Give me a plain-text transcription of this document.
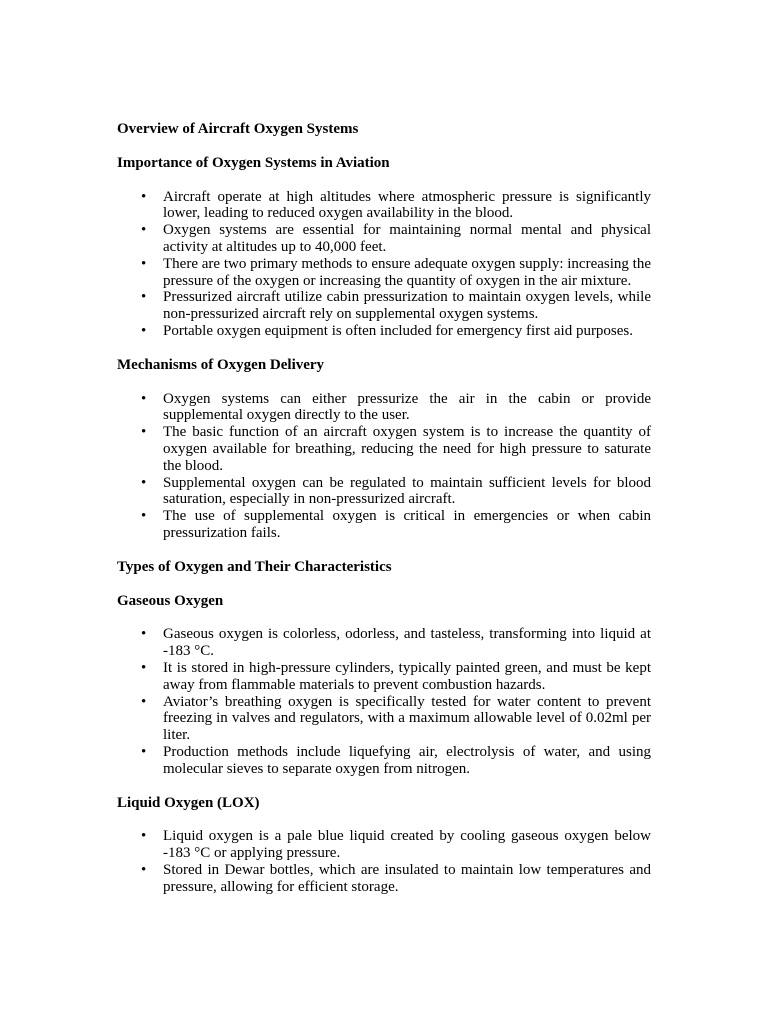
Overview of Aircraft Oxygen Systems
Importance of Oxygen Systems in Aviation
• Aircraft operate at high altitudes where atmospheric pressure is significantly lower, leading to reduced oxygen availability in the blood.
• Oxygen systems are essential for maintaining normal mental and physical activity at altitudes up to 40,000 feet.
• There are two primary methods to ensure adequate oxygen supply: increasing the pressure of the oxygen or increasing the quantity of oxygen in the air mixture.
• Pressurized aircraft utilize cabin pressurization to maintain oxygen levels, while non-pressurized aircraft rely on supplemental oxygen systems.
• Portable oxygen equipment is often included for emergency first aid purposes.
Mechanisms of Oxygen Delivery
• Oxygen systems can either pressurize the air in the cabin or provide supplemental oxygen directly to the user.
• The basic function of an aircraft oxygen system is to increase the quantity of oxygen available for breathing, reducing the need for high pressure to saturate the blood.
• Supplemental oxygen can be regulated to maintain sufficient levels for blood saturation, especially in non-pressurized aircraft.
• The use of supplemental oxygen is critical in emergencies or when cabin pressurization fails.
Types of Oxygen and Their Characteristics
Gaseous Oxygen
• Gaseous oxygen is colorless, odorless, and tasteless, transforming into liquid at -183 °C.
• It is stored in high-pressure cylinders, typically painted green, and must be kept away from flammable materials to prevent combustion hazards.
• Aviator’s breathing oxygen is specifically tested for water content to prevent freezing in valves and regulators, with a maximum allowable level of 0.02ml per liter.
• Production methods include liquefying air, electrolysis of water, and using molecular sieves to separate oxygen from nitrogen.
Liquid Oxygen (LOX)
• Liquid oxygen is a pale blue liquid created by cooling gaseous oxygen below -183 °C or applying pressure.
• Stored in Dewar bottles, which are insulated to maintain low temperatures and pressure, allowing for efficient storage.
